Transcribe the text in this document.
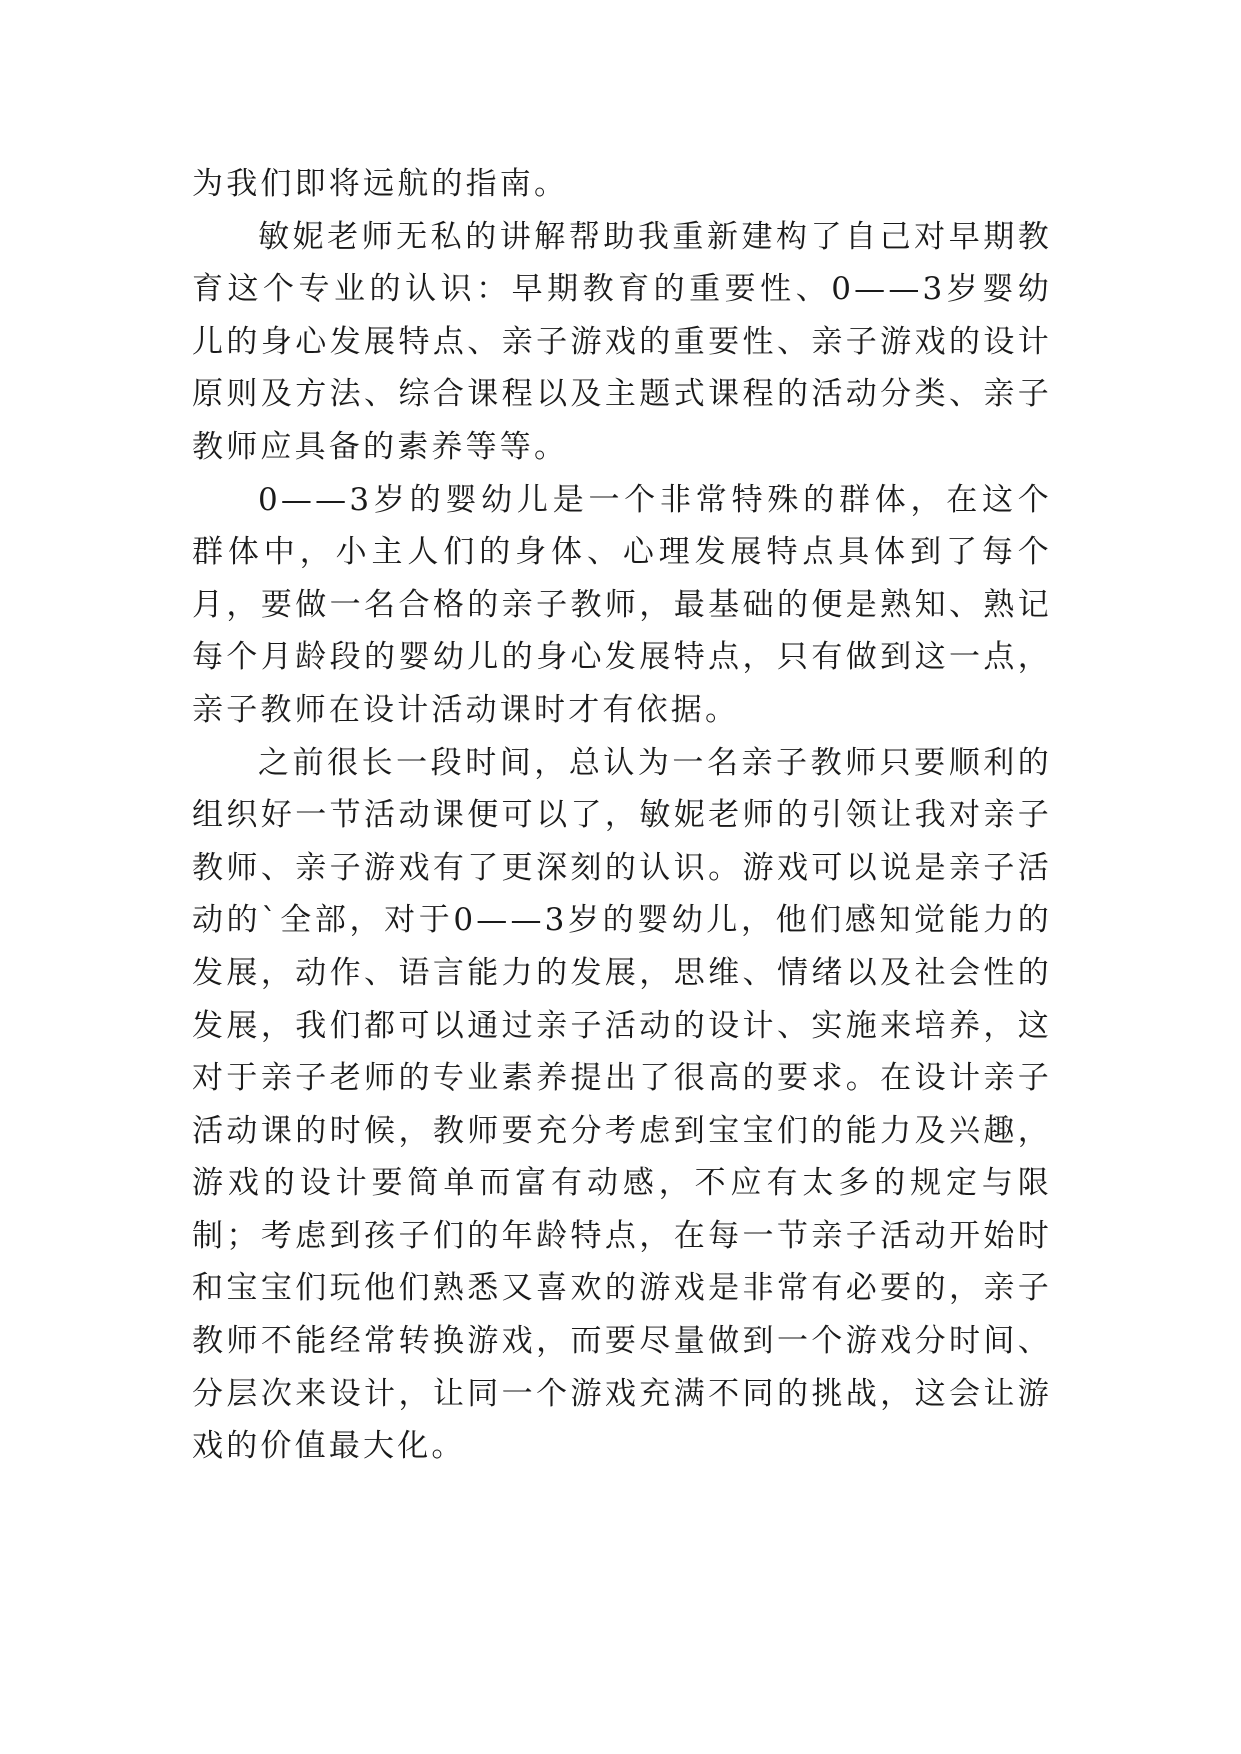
为我们即将远航的指南。

敏妮老师无私的讲解帮助我重新建构了自己对早期教育这个专业的认识：早期教育的重要性、0——3岁婴幼儿的身心发展特点、亲子游戏的重要性、亲子游戏的设计原则及方法、综合课程以及主题式课程的活动分类、亲子教师应具备的素养等等。

0——3岁的婴幼儿是一个非常特殊的群体，在这个群体中，小主人们的身体、心理发展特点具体到了每个月，要做一名合格的亲子教师，最基础的便是熟知、熟记每个月龄段的婴幼儿的身心发展特点，只有做到这一点，亲子教师在设计活动课时才有依据。

之前很长一段时间，总认为一名亲子教师只要顺利的组织好一节活动课便可以了，敏妮老师的引领让我对亲子教师、亲子游戏有了更深刻的认识。游戏可以说是亲子活动的`全部，对于0——3岁的婴幼儿，他们感知觉能力的发展，动作、语言能力的发展，思维、情绪以及社会性的发展，我们都可以通过亲子活动的设计、实施来培养，这对于亲子老师的专业素养提出了很高的要求。在设计亲子活动课的时候，教师要充分考虑到宝宝们的能力及兴趣，游戏的设计要简单而富有动感，不应有太多的规定与限制；考虑到孩子们的年龄特点，在每一节亲子活动开始时和宝宝们玩他们熟悉又喜欢的游戏是非常有必要的，亲子教师不能经常转换游戏，而要尽量做到一个游戏分时间、分层次来设计，让同一个游戏充满不同的挑战，这会让游戏的价值最大化。
